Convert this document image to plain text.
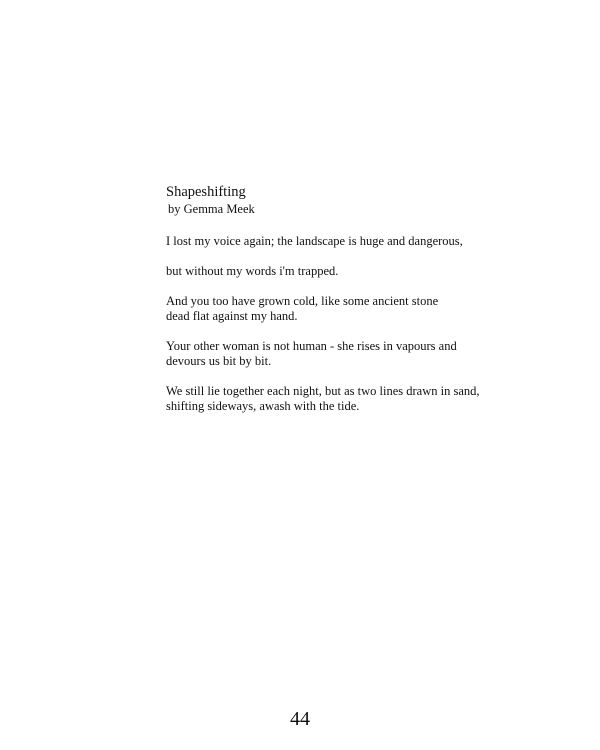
Shapeshifting
by Gemma Meek
I lost my voice again; the landscape is huge and dangerous,
but without my words i'm trapped.
And you too have grown cold, like some ancient stone
dead flat against my hand.
Your other woman is not human - she rises in vapours and
devours us bit by bit.
We still lie together each night, but as two lines drawn in sand,
shifting sideways, awash with the tide.
44
